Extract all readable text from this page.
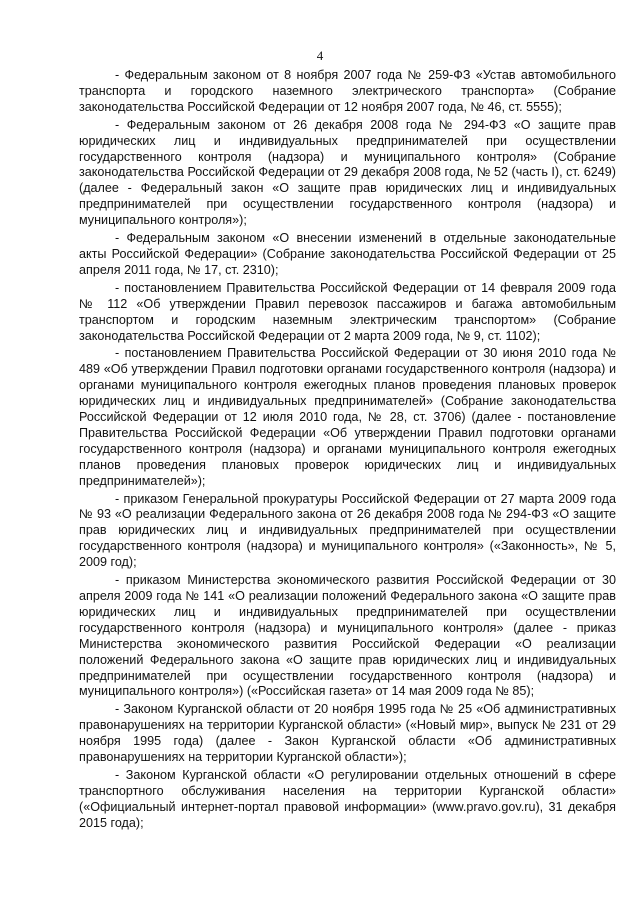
4

- Федеральным законом от 8 ноября 2007 года № 259-ФЗ «Устав автомобильного транспорта и городского наземного электрического транспорта» (Собрание законодательства Российской Федерации от 12 ноября 2007 года, № 46, ст. 5555);

- Федеральным законом от 26 декабря 2008 года № 294-ФЗ «О защите прав юридических лиц и индивидуальных предпринимателей при осуществлении государственного контроля (надзора) и муниципального контроля» (Собрание законодательства Российской Федерации от 29 декабря 2008 года, № 52 (часть I), ст. 6249) (далее - Федеральный закон «О защите прав юридических лиц и индивидуальных предпринимателей при осуществлении государственного контроля (надзора) и муниципального контроля»);

- Федеральным законом «О внесении изменений в отдельные законодательные акты Российской Федерации» (Собрание законодательства Российской Федерации от 25 апреля 2011 года, № 17, ст. 2310);

- постановлением Правительства Российской Федерации от 14 февраля 2009 года № 112 «Об утверждении Правил перевозок пассажиров и багажа автомобильным транспортом и городским наземным электрическим транспортом» (Собрание законодательства Российской Федерации от 2 марта 2009 года, № 9, ст. 1102);

- постановлением Правительства Российской Федерации от 30 июня 2010 года № 489 «Об утверждении Правил подготовки органами государственного контроля (надзора) и органами муниципального контроля ежегодных планов проведения плановых проверок юридических лиц и индивидуальных предпринимателей» (Собрание законодательства Российской Федерации от 12 июля 2010 года, № 28, ст. 3706) (далее - постановление Правительства Российской Федерации «Об утверждении Правил подготовки органами государственного контроля (надзора) и органами муниципального контроля ежегодных планов проведения плановых проверок юридических лиц и индивидуальных предпринимателей»);

- приказом Генеральной прокуратуры Российской Федерации от 27 марта 2009 года № 93 «О реализации Федерального закона от 26 декабря 2008 года № 294-ФЗ «О защите прав юридических лиц и индивидуальных предпринимателей при осуществлении государственного контроля (надзора) и муниципального контроля» («Законность», № 5, 2009 год);

- приказом Министерства экономического развития Российской Федерации от 30 апреля 2009 года № 141 «О реализации положений Федерального закона «О защите прав юридических лиц и индивидуальных предпринимателей при осуществлении государственного контроля (надзора) и муниципального контроля» (далее - приказ Министерства экономического развития Российской Федерации «О реализации положений Федерального закона «О защите прав юридических лиц и индивидуальных предпринимателей при осуществлении государственного контроля (надзора) и муниципального контроля») («Российская газета» от 14 мая 2009 года № 85);

- Законом Курганской области от 20 ноября 1995 года № 25 «Об административных правонарушениях на территории Курганской области» («Новый мир», выпуск № 231 от 29 ноября 1995 года) (далее - Закон Курганской области «Об административных правонарушениях на территории Курганской области»);

- Законом Курганской области «О регулировании отдельных отношений в сфере транспортного обслуживания населения на территории Курганской области» («Официальный интернет-портал правовой информации» (www.pravo.gov.ru), 31 декабря 2015 года);
